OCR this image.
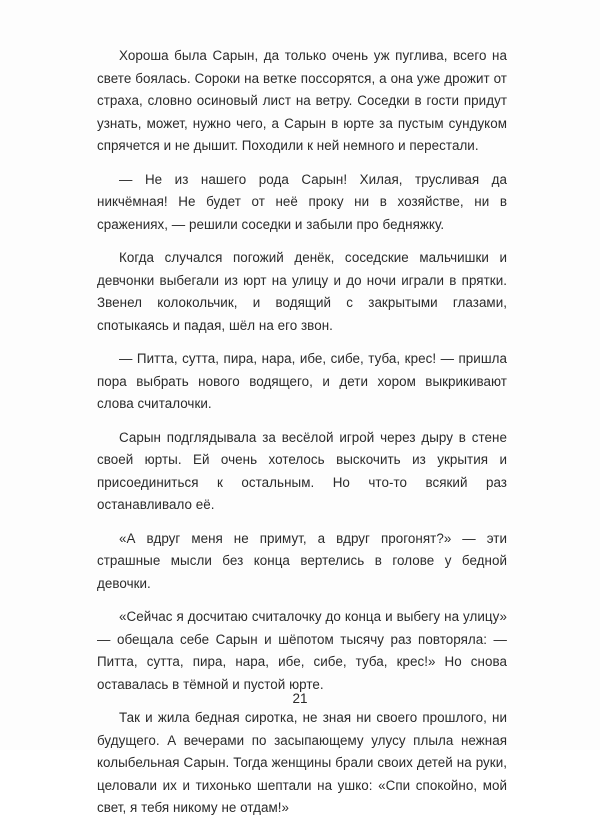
Хороша была Сарын, да только очень уж пуглива, всего на свете боялась. Сороки на ветке поссорятся, а она уже дрожит от страха, словно осиновый лист на ветру. Соседки в гости придут узнать, может, нужно чего, а Сарын в юрте за пустым сундуком спрячется и не дышит. Походили к ней немного и перестали.

— Не из нашего рода Сарын! Хилая, трусливая да никчёмная! Не будет от неё проку ни в хозяйстве, ни в сражениях, — решили соседки и забыли про бедняжку.

Когда случался погожий денёк, соседские мальчишки и девчонки выбегали из юрт на улицу и до ночи играли в прятки. Звенел колокольчик, и водящий с закрытыми глазами, спотыкаясь и падая, шёл на его звон.

— Питта, сутта, пира, нара, ибе, сибе, туба, крес! — пришла пора выбрать нового водящего, и дети хором выкрикивают слова считалочки.

Сарын подглядывала за весёлой игрой через дыру в стене своей юрты. Ей очень хотелось выскочить из укрытия и присоединиться к остальным. Но что-то всякий раз останавливало её.

«А вдруг меня не примут, а вдруг прогонят?» — эти страшные мысли без конца вертелись в голове у бедной девочки.

«Сейчас я досчитаю считалочку до конца и выбегу на улицу» — обещала себе Сарын и шёпотом тысячу раз повторяла: — Питта, сутта, пира, нара, ибе, сибе, туба, крес!» Но снова оставалась в тёмной и пустой юрте.

Так и жила бедная сиротка, не зная ни своего прошлого, ни будущего. А вечерами по засыпающему улусу плыла нежная колыбельная Сарын. Тогда женщины брали своих детей на руки, целовали их и тихонько шептали на ушко: «Спи спокойно, мой свет, я тебя никому не отдам!»

21
